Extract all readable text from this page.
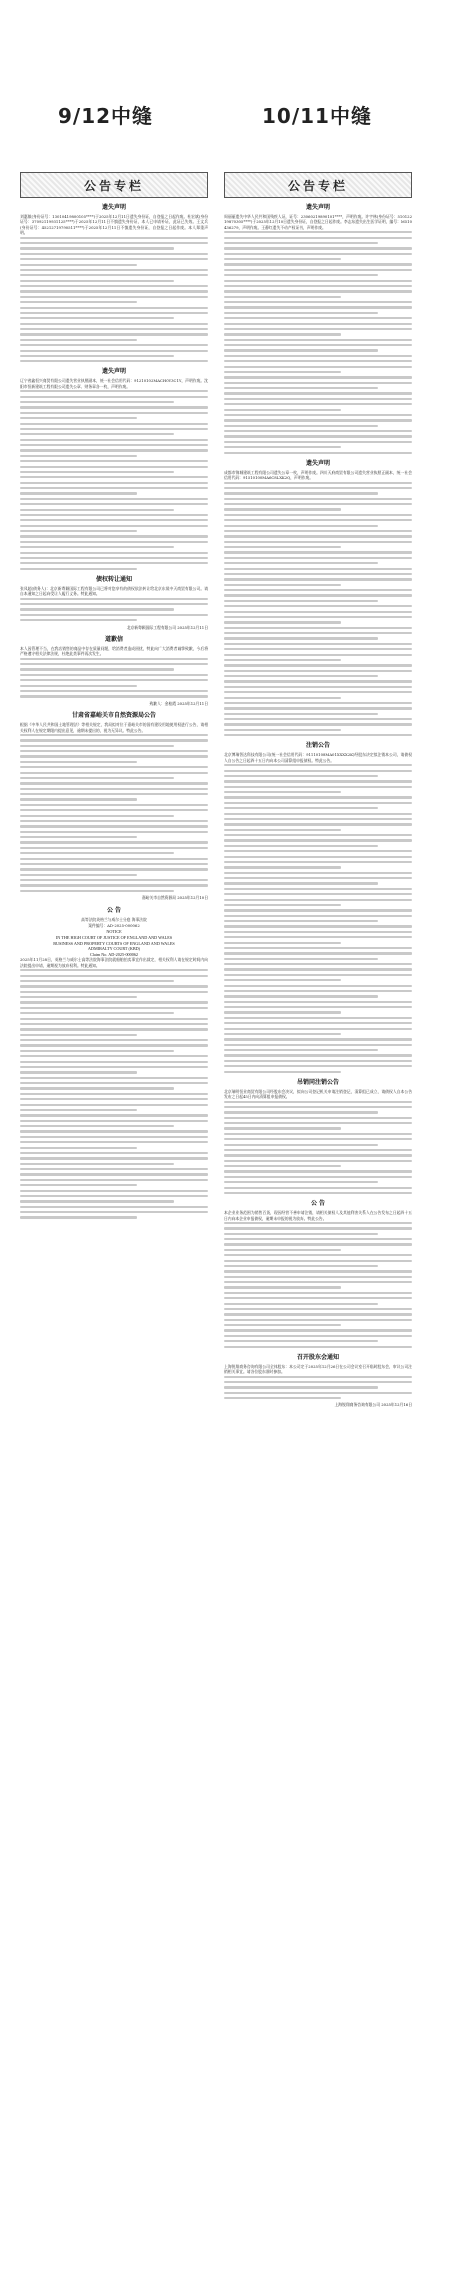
9/12中缝	10/11中缝
公告专栏
遗失声明

刘惠敏(身份证号：13010419800105****)于2025年12月11日遗失身份证，自登报之日起作废。杜宏斌(身份证号：37092119931125****)于2025年12月11日不慎遗失身份证，本人已申请补证，此证已失效。王文兵(身份证号：45212719790511****)于2025年12月11日不慎遗失身份证，自登报之日起作废。本人郑重声明。

遗失声明

辽宁省鑫恒兴商贸有限公司遗失营业执照副本，统一社会信用代码：91210102MACH0Y3C1Y，声明作废。沈阳市恒新建筑工程有限公司遗失公章、财务章各一枚，声明作废。

债权转让通知

张凤超(债务人)：北京新粤颖国际工程有限公司已将对您享有的债权依法转让给北京东晟中天商贸有限公司。请自本通知之日起向受让人履行义务。特此通知。

北京新粤颖国际工程有限公司 2025年12月11日
道歉信

本人因管理不当，在我店销售的商品中存在质量问题，给消费者造成困扰，特此向广大消费者诚挚致歉，今后将严格遵守相关法律法规，杜绝此类事件再次发生。

致歉人：金桂霞 2025年12月11日
甘肃省嘉峪关市自然资源局公告

根据《中华人民共和国土地管理法》等相关规定，我局拟对位于嘉峪关市的国有建设用地使用权进行公告，请相关权利人在规定期限内提出意见，逾期未提出的，视为无异议。特此公告。

嘉峪关市自然资源局 2025年12月10日
公 告

高等法院英格兰与威尔士分庭 海事法院

案件编号：AD-2025-000062

NOTICE

IN THE HIGH COURT OF JUSTICE OF ENGLAND AND WALES

BUSINESS AND PROPERTY COURTS OF ENGLAND AND WALES

ADMIRALTY COURT (KBD)

Claim No. AD-2025-000062

2025年11月28日，英格兰与威尔士高等法院海事法院就船舶拍卖事宜作出裁定，相关权利人请在规定时间内向法院提出申请，逾期视为放弃权利。特此通知。

公告专栏
遗失声明

周丽丽遗失中华人民共和国残疾人证，证号：23060219890101****，声明作废。许宇林(身份证号：51012219870305****)于2025年12月10日遗失身份证，自登报之日起作废。李志东遗失出生医学证明，编号：M510436279，声明作废。王静红遗失不动产权证书，声明作废。

遗失声明

成都市锦城建筑工程有限公司遗失公章一枚，声明作废。四川天府商贸有限公司遗失营业执照正副本，统一社会信用代码：91510100MA6C8LXK2Q，声明作废。

注销公告

北京博瑞智达科技有限公司(统一社会信用代码：91110108MA01XXXX2K)经股东决定拟注销本公司，请债权人自公告之日起四十五日内向本公司清算组申报债权。特此公告。

吊销同注销公告

北京瑞明恒业商贸有限公司经股东会决议，拟向公司登记机关申请注销登记，清算组已成立，请债权人自本公告发布之日起45日内向清算组申报债权。

公 告

本企业业务范围为销售百货，现因经营不善申请注销，请相关债权人及其他利害关系人在公告发布之日起四十五日内向本企业申报债权，逾期未申报的视为放弃。特此公告。

召开股东会通知

上海锐翔商务咨询有限公司全体股东：本公司定于2025年12月26日在公司会议室召开临时股东会，审议公司注销相关事宜。请各位股东准时参加。

上海锐翔商务咨询有限公司 2025年12月16日
